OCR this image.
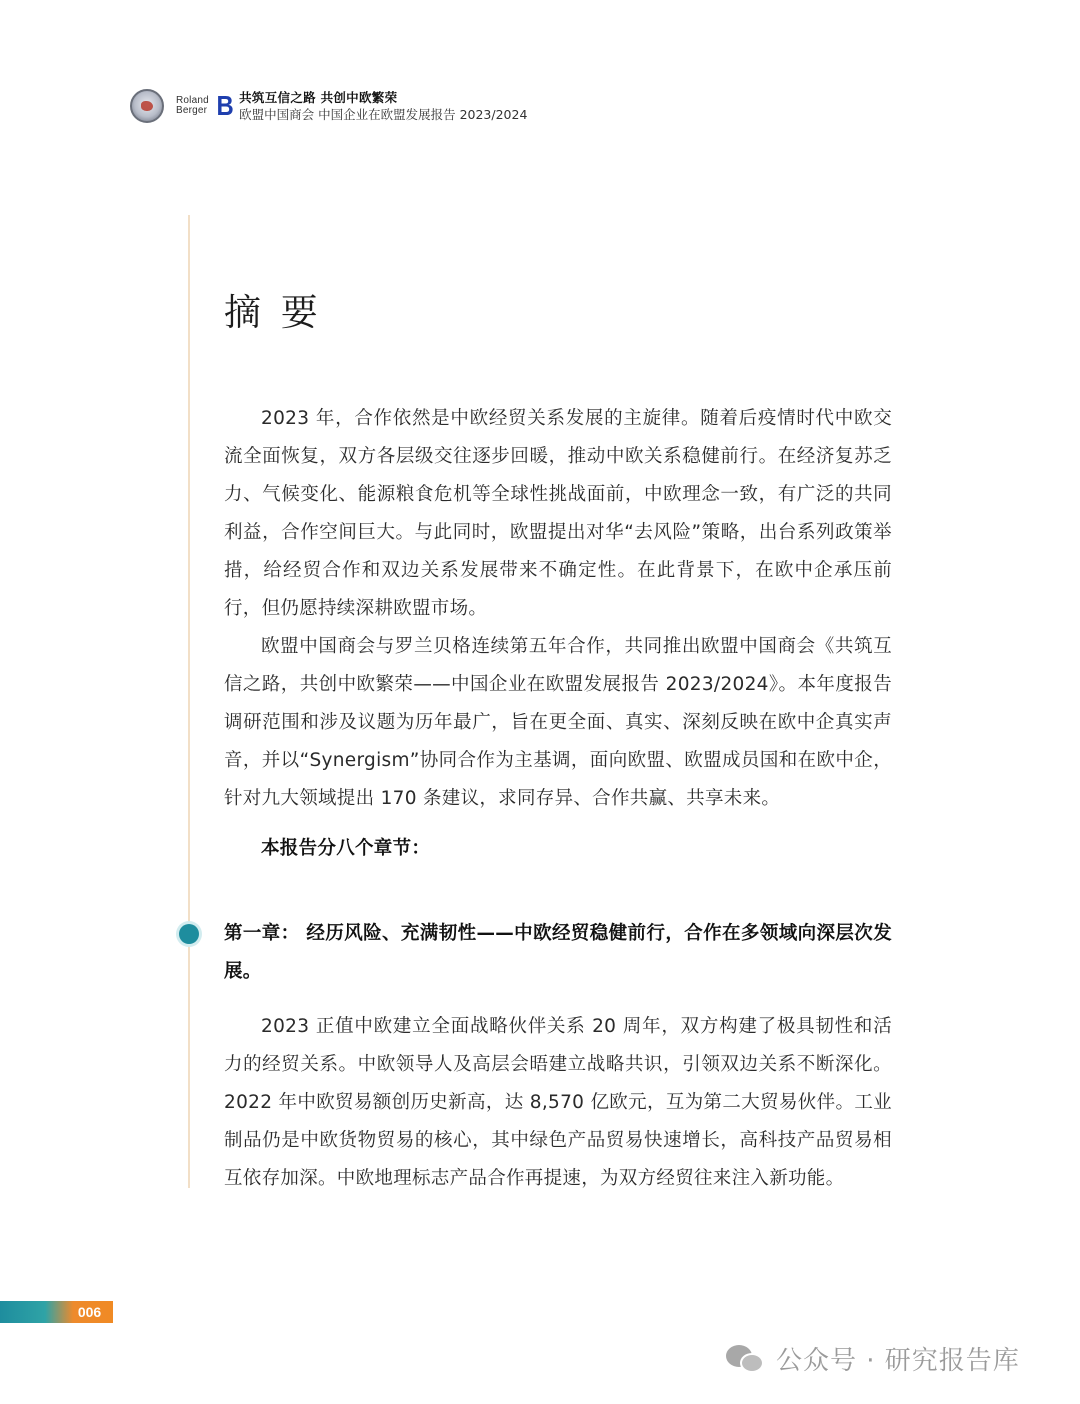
Roland
Berger B 共筑互信之路 共创中欧繁荣
欧盟中国商会 中国企业在欧盟发展报告 2023/2024
摘 要

2023 年，合作依然是中欧经贸关系发展的主旋律。随着后疫情时代中欧交流全面恢复，双方各层级交往逐步回暖，推动中欧关系稳健前行。在经济复苏乏力、气候变化、能源粮食危机等全球性挑战面前，中欧理念一致，有广泛的共同利益，合作空间巨大。与此同时，欧盟提出对华“去风险”策略，出台系列政策举措，给经贸合作和双边关系发展带来不确定性。在此背景下，在欧中企承压前行，但仍愿持续深耕欧盟市场。

欧盟中国商会与罗兰贝格连续第五年合作，共同推出欧盟中国商会《共筑互信之路，共创中欧繁荣——中国企业在欧盟发展报告 2023/2024》。本年度报告调研范围和涉及议题为历年最广，旨在更全面、真实、深刻反映在欧中企真实声音，并以“Synergism”协同合作为主基调，面向欧盟、欧盟成员国和在欧中企，针对九大领域提出 170 条建议，求同存异、合作共赢、共享未来。

本报告分八个章节：

第一章： 经历风险、充满韧性——中欧经贸稳健前行，合作在多领域向深层次发展。

2023 正值中欧建立全面战略伙伴关系 20 周年，双方构建了极具韧性和活力的经贸关系。中欧领导人及高层会晤建立战略共识，引领双边关系不断深化。2022 年中欧贸易额创历史新高，达 8,570 亿欧元，互为第二大贸易伙伴。工业制品仍是中欧货物贸易的核心，其中绿色产品贸易快速增长，高科技产品贸易相互依存加深。中欧地理标志产品合作再提速，为双方经贸往来注入新功能。

006
公众号 · 研究报告库
